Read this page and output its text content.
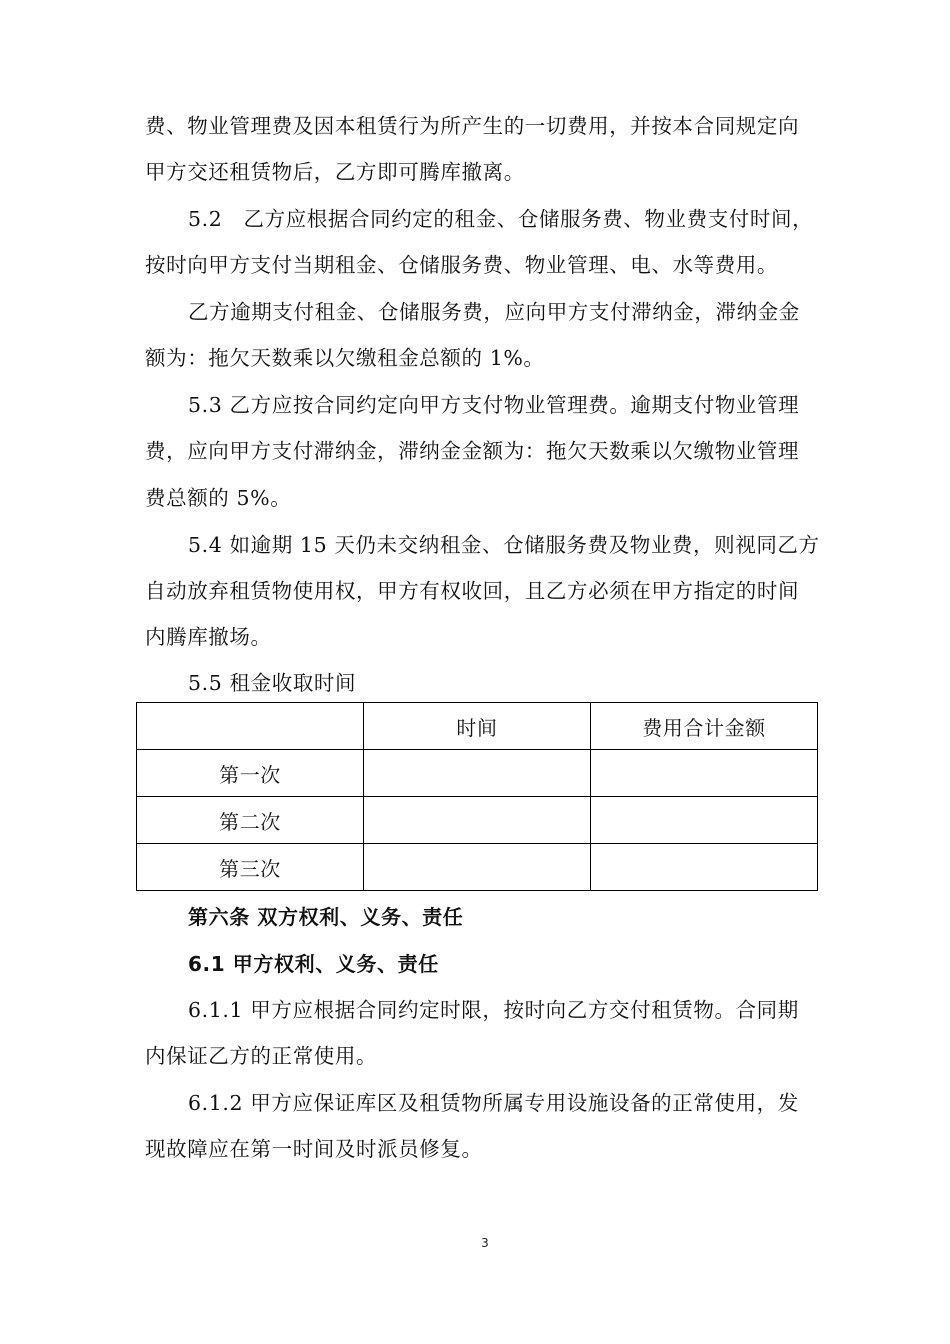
费、物业管理费及因本租赁行为所产生的一切费用，并按本合同规定向
甲方交还租赁物后，乙方即可腾库撤离。
5.2　乙方应根据合同约定的租金、仓储服务费、物业费支付时间，
按时向甲方支付当期租金、仓储服务费、物业管理、电、水等费用。
乙方逾期支付租金、仓储服务费，应向甲方支付滞纳金，滞纳金金
额为：拖欠天数乘以欠缴租金总额的 1%。
5.3 乙方应按合同约定向甲方支付物业管理费。逾期支付物业管理
费，应向甲方支付滞纳金，滞纳金金额为：拖欠天数乘以欠缴物业管理
费总额的 5%。
5.4 如逾期 15 天仍未交纳租金、仓储服务费及物业费，则视同乙方
自动放弃租赁物使用权，甲方有权收回，且乙方必须在甲方指定的时间
内腾库撤场。
5.5 租金收取时间
	时间	费用合计金额
第一次		
第二次		
第三次		
第六条 双方权利、义务、责任
6.1 甲方权利、义务、责任
6.1.1 甲方应根据合同约定时限，按时向乙方交付租赁物。合同期
内保证乙方的正常使用。
6.1.2 甲方应保证库区及租赁物所属专用设施设备的正常使用，发
现故障应在第一时间及时派员修复。
3
